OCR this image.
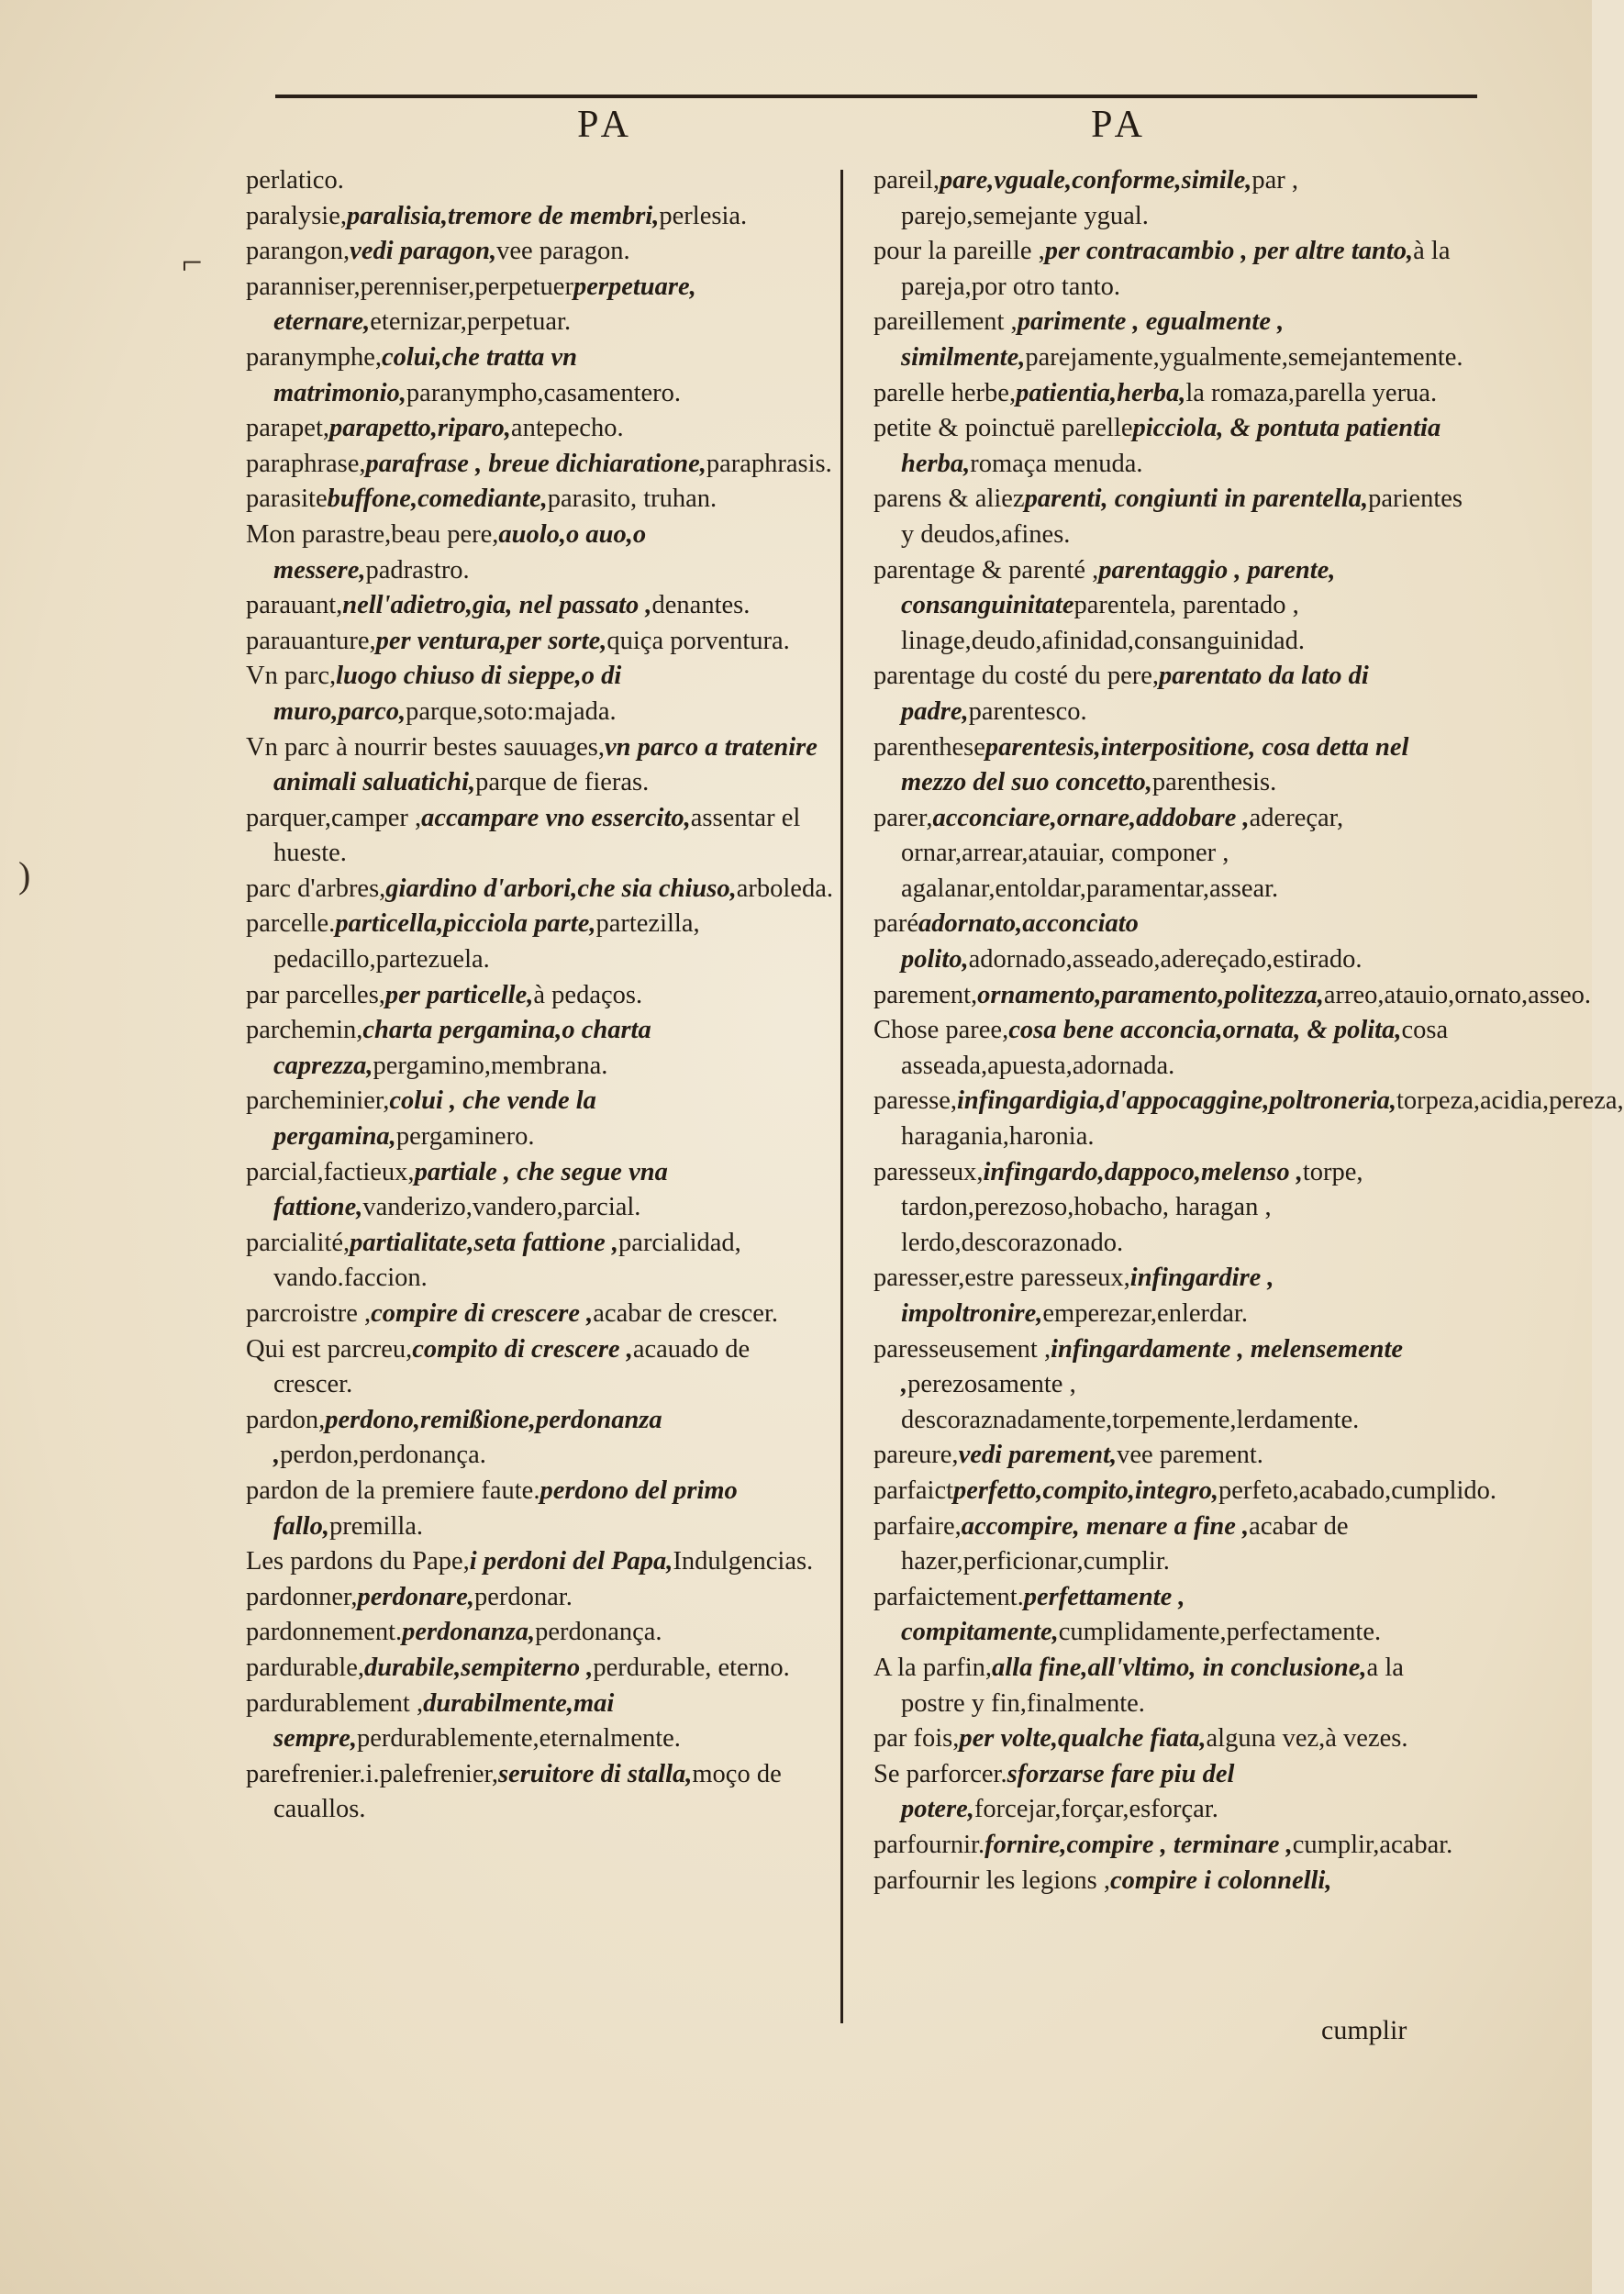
PA	PA

perlatico.

paralysie,paralisia,tremore de membri,perlesia.

parangon,vedi paragon,vee paragon.

paranniser,perenniser,perpetuerperpetuare, eternare,eternizar,perpetuar.

paranymphe,colui,che tratta vn matrimonio,paranympho,casamentero.

parapet,parapetto,riparo,antepecho.

paraphrase,parafrase , breue dichiaratione,paraphrasis.

parasitebuffone,comediante,parasito, truhan.

Mon parastre,beau pere,auolo,o auo,o messere,padrastro.

parauant,nell'adietro,gia, nel passato ,denantes.

parauanture,per ventura,per sorte,quiça porventura.

Vn parc,luogo chiuso di sieppe,o di muro,parco,parque,soto:majada.

Vn parc à nourrir bestes sauuages,vn parco a tratenire animali saluatichi,parque de fieras.

parquer,camper ,accampare vno essercito,assentar el hueste.

parc d'arbres,giardino d'arbori,che sia chiuso,arboleda.

parcelle.particella,picciola parte,partezilla, pedacillo,partezuela.

par parcelles,per particelle,à pedaços.

parchemin,charta pergamina,o charta caprezza,pergamino,membrana.

parcheminier,colui , che vende la pergamina,pergaminero.

parcial,factieux,partiale , che segue vna fattione,vanderizo,vandero,parcial.

parcialité,partialitate,seta fattione ,parcialidad, vando.faccion.

parcroistre ,compire di crescere ,acabar de crescer.

Qui est parcreu,compito di crescere ,acauado de crescer.

pardon,perdono,remißione,perdonanza ,perdon,perdonança.

pardon de la premiere faute.perdono del primo fallo,premilla.

Les pardons du Pape,i perdoni del Papa,Indulgencias.

pardonner,perdonare,perdonar.

pardonnement.perdonanza,perdonança.

pardurable,durabile,sempiterno ,perdurable, eterno.

pardurablement ,durabilmente,mai sempre,perdurablemente,eternalmente.

parefrenier.i.palefrenier,seruitore di stalla,moço de cauallos.

pareil,pare,vguale,conforme,simile,par , parejo,semejante ygual.

pour la pareille ,per contracambio , per altre tanto,à la pareja,por otro tanto.

pareillement ,parimente , egualmente , similmente,parejamente,ygualmente,semejantemente.

parelle herbe,patientia,herba,la romaza,parella yerua.

petite & poinctuë parellepicciola, & pontuta patientia herba,romaça menuda.

parens & aliezparenti, congiunti in parentella,parientes y deudos,afines.

parentage & parenté ,parentaggio , parente, consanguinitateparentela, parentado , linage,deudo,afinidad,consanguinidad.

parentage du costé du pere,parentato da lato di padre,parentesco.

parentheseparentesis,interpositione, cosa detta nel mezzo del suo concetto,parenthesis.

parer,acconciare,ornare,addobare ,adereçar, ornar,arrear,atauiar, componer , agalanar,entoldar,paramentar,assear.

paréadornato,acconciato polito,adornado,asseado,adereçado,estirado.

parement,ornamento,paramento,politezza,arreo,atauio,ornato,asseo.

Chose paree,cosa bene acconcia,ornata, & polita,cosa asseada,apuesta,adornada.

paresse,infingardigia,d'appocaggine,poltroneria,torpeza,acidia,pereza, haragania,haronia.

paresseux,infingardo,dappoco,melenso ,torpe, tardon,perezoso,hobacho, haragan , lerdo,descorazonado.

paresser,estre paresseux,infingardire , impoltronire,emperezar,enlerdar.

paresseusement ,infingardamente , melensemente ,perezosamente , descoraznadamente,torpemente,lerdamente.

pareure,vedi parement,vee parement.

parfaictperfetto,compito,integro,perfeto,acabado,cumplido.

parfaire,accompire, menare a fine ,acabar de hazer,perficionar,cumplir.

parfaictement.perfettamente , compitamente,cumplidamente,perfectamente.

A la parfin,alla fine,all'vltimo, in conclusione,a la postre y fin,finalmente.

par fois,per volte,qualche fiata,alguna vez,à vezes.

Se parforcer.sforzarse fare piu del potere,forcejar,forçar,esforçar.

parfournir.fornire,compire , terminare ,cumplir,acabar.

parfournir les legions ,compire i colonnelli,

cumplir
⌐
)
